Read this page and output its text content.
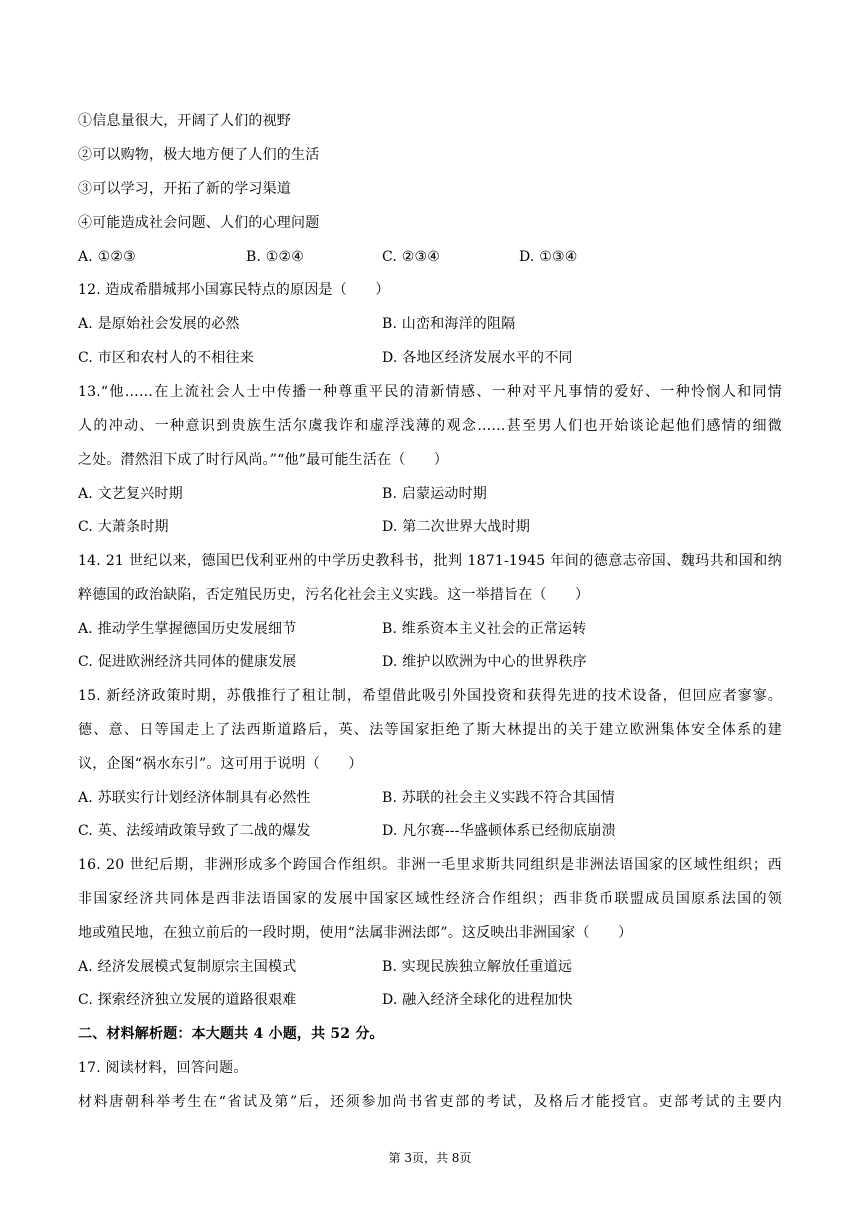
①信息量很大，开阔了人们的视野
②可以购物，极大地方便了人们的生活
③可以学习，开拓了新的学习渠道
④可能造成社会问题、人们的心理问题
A. ①②③	B. ①②④	C. ②③④	D. ①③④
12. 造成希腊城邦小国寡民特点的原因是（　　）
A. 是原始社会发展的必然	B. 山峦和海洋的阻隔
C. 市区和农村人的不相往来	D. 各地区经济发展水平的不同
13.“他……在上流社会人士中传播一种尊重平民的清新情感、一种对平凡事情的爱好、一种怜悯人和同情
人的冲动、一种意识到贵族生活尔虞我诈和虚浮浅薄的观念……甚至男人们也开始谈论起他们感情的细微
之处。潸然泪下成了时行风尚。”“他”最可能生活在（　　）
A. 文艺复兴时期	B. 启蒙运动时期
C. 大萧条时期	D. 第二次世界大战时期
14. 21 世纪以来，德国巴伐利亚州的中学历史教科书，批判 1871-1945 年间的德意志帝国、魏玛共和国和纳
粹德国的政治缺陷，否定殖民历史，污名化社会主义实践。这一举措旨在（　　）
A. 推动学生掌握德国历史发展细节	B. 维系资本主义社会的正常运转
C. 促进欧洲经济共同体的健康发展	D. 维护以欧洲为中心的世界秩序
15. 新经济政策时期，苏俄推行了租让制，希望借此吸引外国投资和获得先进的技术设备，但回应者寥寥。
德、意、日等国走上了法西斯道路后，英、法等国家拒绝了斯大林提出的关于建立欧洲集体安全体系的建
议，企图“祸水东引”。这可用于说明（　　）
A. 苏联实行计划经济体制具有必然性	B. 苏联的社会主义实践不符合其国情
C. 英、法绥靖政策导致了二战的爆发	D. 凡尔赛---华盛顿体系已经彻底崩溃
16. 20 世纪后期，非洲形成多个跨国合作组织。非洲一毛里求斯共同组织是非洲法语国家的区域性组织；西
非国家经济共同体是西非法语国家的发展中国家区域性经济合作组织；西非货币联盟成员国原系法国的领
地或殖民地，在独立前后的一段时期，使用“法属非洲法郎”。这反映出非洲国家（　　）
A. 经济发展模式复制原宗主国模式	B. 实现民族独立解放任重道远
C. 探索经济独立发展的道路很艰难	D. 融入经济全球化的进程加快
二、材料解析题：本大题共 4 小题，共 52 分。
17. 阅读材料，回答问题。
材料唐朝科举考生在“省试及第”后，还须参加尚书省吏部的考试，及格后才能授官。吏部考试的主要内
第 3页，共 8页
